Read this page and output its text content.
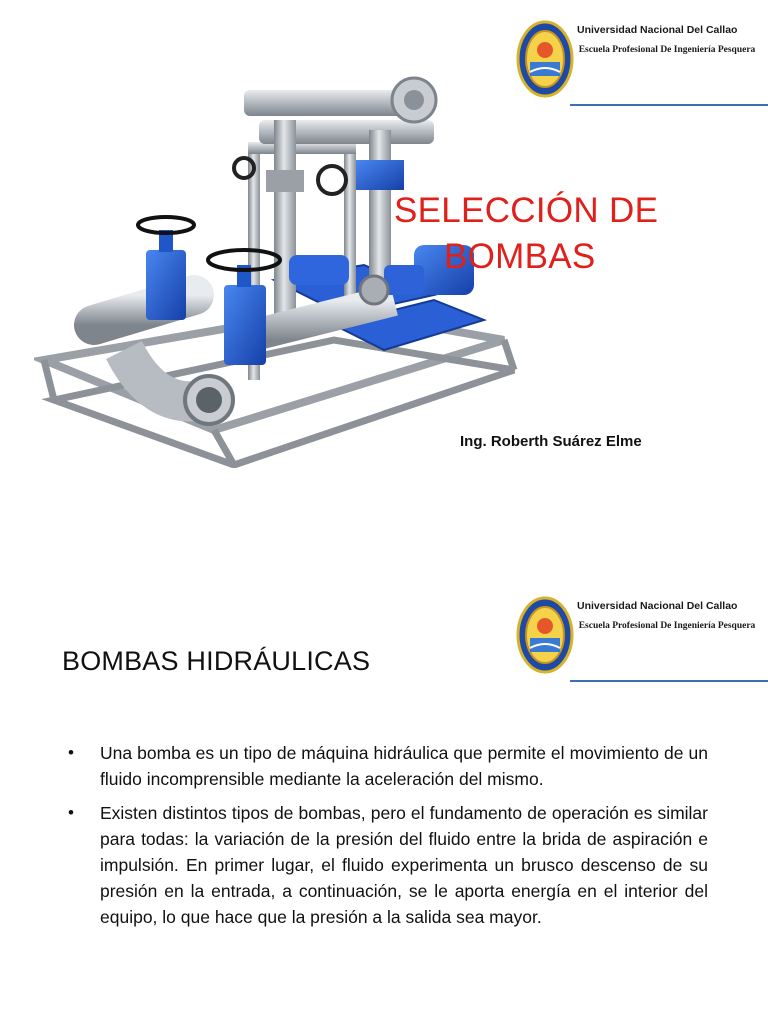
SELECCIÓN DE
BOMBAS
Ing. Roberth Suárez Elme
Universidad Nacional Del Callao
Escuela Profesional De Ingeniería Pesquera
Universidad Nacional Del Callao
Escuela Profesional De Ingeniería Pesquera
BOMBAS HIDRÁULICAS
• Una bomba es un tipo de máquina hidráulica que permite el movimiento de un fluido incomprensible mediante la aceleración del mismo.
• Existen distintos tipos de bombas, pero el fundamento de operación es similar para todas: la variación de la presión del fluido entre la brida de aspiración e impulsión. En primer lugar, el fluido experimenta un brusco descenso de su presión en la entrada, a continuación, se le aporta energía en el interior del equipo, lo que hace que la presión a la salida sea mayor.
